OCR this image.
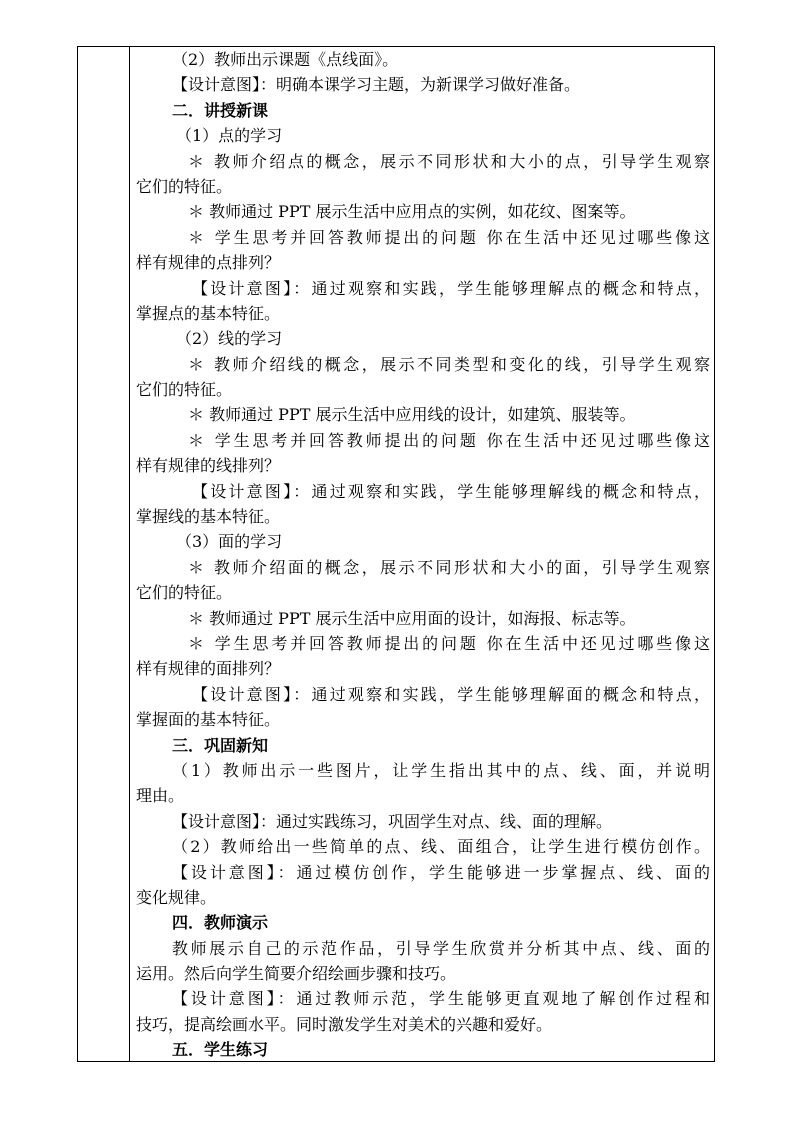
（2）教师出示课题《点线面》。
【设计意图】：明确本课学习主题，为新课学习做好准备。
二．讲授新课
（1）点的学习
＊ 教师介绍点的概念，展示不同形状和大小的点，引导学生观察
它们的特征。
＊ 教师通过 PPT 展示生活中应用点的实例，如花纹、图案等。
＊ 学生思考并回答教师提出的问题 你在生活中还见过哪些像这
样有规律的点排列？
【设计意图】：通过观察和实践，学生能够理解点的概念和特点，
掌握点的基本特征。
（2）线的学习
＊ 教师介绍线的概念，展示不同类型和变化的线，引导学生观察
它们的特征。
＊ 教师通过 PPT 展示生活中应用线的设计，如建筑、服装等。
＊ 学生思考并回答教师提出的问题 你在生活中还见过哪些像这
样有规律的线排列？
【设计意图】：通过观察和实践，学生能够理解线的概念和特点，
掌握线的基本特征。
（3）面的学习
＊ 教师介绍面的概念，展示不同形状和大小的面，引导学生观察
它们的特征。
＊ 教师通过 PPT 展示生活中应用面的设计，如海报、标志等。
＊ 学生思考并回答教师提出的问题 你在生活中还见过哪些像这
样有规律的面排列？
【设计意图】：通过观察和实践，学生能够理解面的概念和特点，
掌握面的基本特征。
三．巩固新知
（1）教师出示一些图片，让学生指出其中的点、线、面，并说明
理由。
【设计意图】：通过实践练习，巩固学生对点、线、面的理解。
（2）教师给出一些简单的点、线、面组合，让学生进行模仿创作。
【设计意图】：通过模仿创作，学生能够进一步掌握点、线、面的
变化规律。
四．教师演示
教师展示自己的示范作品，引导学生欣赏并分析其中点、线、面的
运用。然后向学生简要介绍绘画步骤和技巧。
【设计意图】：通过教师示范，学生能够更直观地了解创作过程和
技巧，提高绘画水平。同时激发学生对美术的兴趣和爱好。
五．学生练习
